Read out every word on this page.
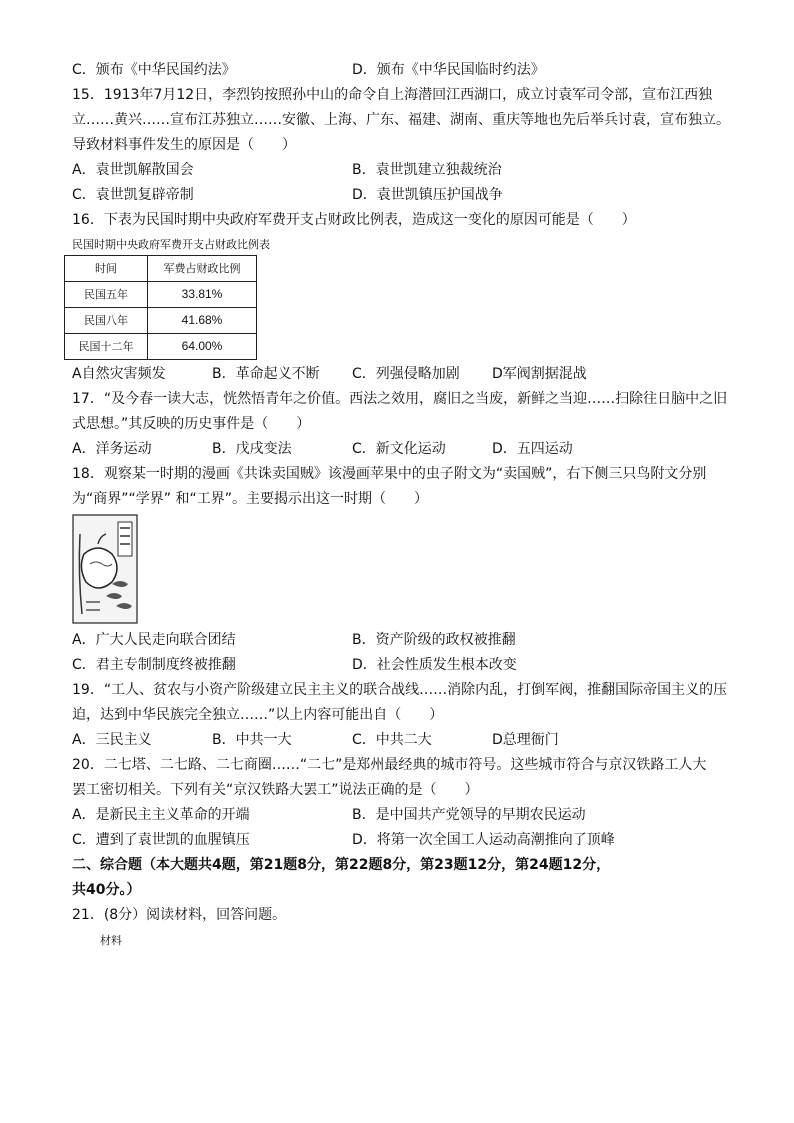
C．颁布《中华民国约法》	D．颁布《中华民国临时约法》
15．1913年7月12日，李烈钧按照孙中山的命令自上海潜回江西湖口，成立讨袁军司令部，宣布江西独
立……黄兴……宣布江苏独立……安徽、上海、广东、福建、湖南、重庆等地也先后举兵讨袁，宣布独立。
导致材料事件发生的原因是（　　）
A．袁世凯解散国会	B．袁世凯建立独裁统治
C．袁世凯复辟帝制	D．袁世凯镇压护国战争
16．下表为民国时期中央政府军费开支占财政比例表，造成这一变化的原因可能是（　　）
民国时期中央政府军费开支占财政比例表
时间	军费占财政比例
民国五年	33.81%
民国八年	41.68%
民国十二年	64.00%
A自然灾害频发	B．革命起义不断	C．列强侵略加剧	D军阀割据混战
17．“及今春一读大志，恍然悟青年之价值。西法之效用，腐旧之当废，新鲜之当迎……扫除往日脑中之旧
式思想。”其反映的历史事件是（　　）
A．洋务运动	B．戊戌变法	C．新文化运动	D．五四运动
18．观察某一时期的漫画《共诛卖国贼》该漫画苹果中的虫子附文为“卖国贼”，右下侧三只鸟附文分别
为“商界”“学界” 和“工界”。主要揭示出这一时期（　　）
A．广大人民走向联合团结	B．资产阶级的政权被推翻
C．君主专制制度终被推翻	D．社会性质发生根本改变
19．“工人、贫农与小资产阶级建立民主主义的联合战线……消除内乱，打倒军阀，推翻国际帝国主义的压
迫，达到中华民族完全独立……”以上内容可能出自（　　）
A．三民主义	B．中共一大	C．中共二大	D总理衙门
20．二七塔、二七路、二七商圈……“二七”是郑州最经典的城市符号。这些城市符合与京汉铁路工人大
罢工密切相关。下列有关“京汉铁路大罢工”说法正确的是（　　）
A．是新民主主义革命的开端	B．是中国共产党领导的早期农民运动
C．遭到了袁世凯的血腥镇压	D．将第一次全国工人运动高潮推向了顶峰
二、综合题（本大题共4题，第21题8分，第22题8分，第23题12分，第24题12分，
共40分。）
21．(8分）阅读材料，回答问题。
材料
